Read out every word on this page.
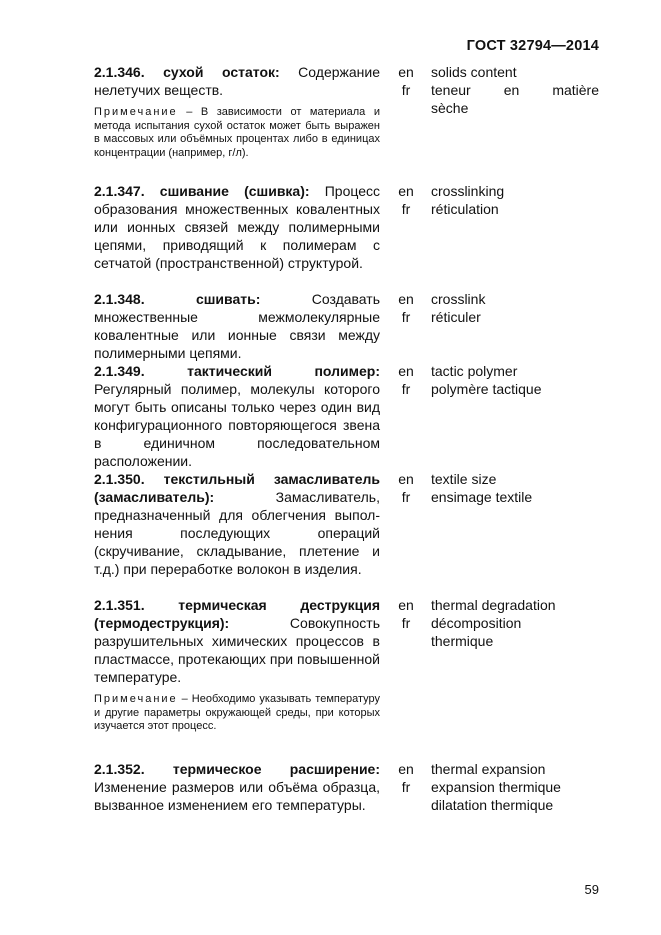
ГОСТ 32794—2014
2.1.346. сухой остаток: Содержание нелетучих веществ.
Примечание – В зависимости от материала и метода испытания сухой остаток может быть выражен в массовых или объёмных процентах либо в единицах концентрации (например, г/л).
en
fr
solids content
teneur en matière
sèche
2.1.347. сшивание (сшивка): Процесс образования множественных ковалентных или ионных связей между полимерными цепями, приводящий к полимерам с сетчатой (пространственной) структурой.
en
fr
crosslinking
réticulation
2.1.348.	сшивать: Создавать множественные межмолекулярные ковалентные или ионные связи между полимерными цепями.
en
fr
crosslink
réticuler
2.1.349.	тактический полимер: Регулярный полимер, молекулы которого могут быть описаны только через один вид конфигурационного повторяющегося звена в единичном последовательном расположении.
en
fr
tactic polymer
polymère tactique
2.1.350. текстильный замасливатель (замасливатель): Замасливатель, предназначенный для облегчения выпол-нения последующих операций (скручивание, складывание, плетение и т.д.) при переработке волокон в изделия.
en
fr
textile size
ensimage textile
2.1.351. термическая деструкция (термодеструкция): Совокупность разрушительных химических процессов в пластмассе, протекающих при повышенной температуре.
Примечание – Необходимо указывать температуру и другие параметры окружающей среды, при которых изучается этот процесс.
en
fr
thermal degradation
décomposition
thermique
2.1.352. термическое расширение: Изменение размеров или объёма образца, вызванное изменением его температуры.
en
fr
thermal expansion
expansion thermique
dilatation thermique
59
